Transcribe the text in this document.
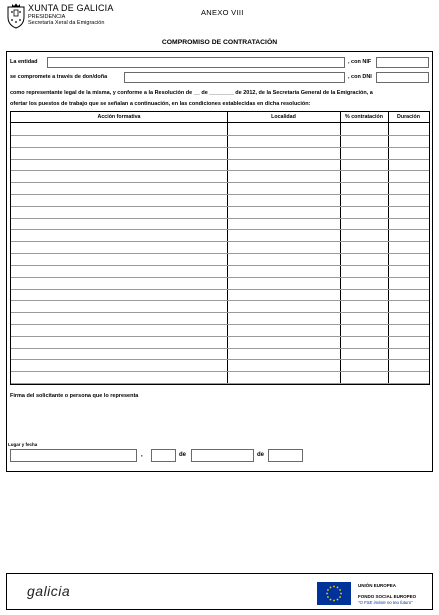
XUNTA DE GALICIA
PRESIDENCIA
Secretaría Xeral da Emigración
ANEXO VIII
COMPROMISO DE CONTRATACIÓN
La entidad	, con NIF
se compromete a través de don/doña	, con DNI
como representante legal de la misma, y conforme a la Resolución de __ de ________ de 2012, de la Secretaría General de la Emigración, a
ofertar los puestos de trabajo que se señalan a continuación, en las condiciones establecidas en dicha resolución:
Acción formativa	Localidad	% contratación	Duración
Firma del solicitante o persona que lo representa
Lugar y fecha
,	de	de
galicia	UNIÓN EUROPEA
FONDO SOCIAL EUROPEO
"O FSE inviste no teu futuro"
